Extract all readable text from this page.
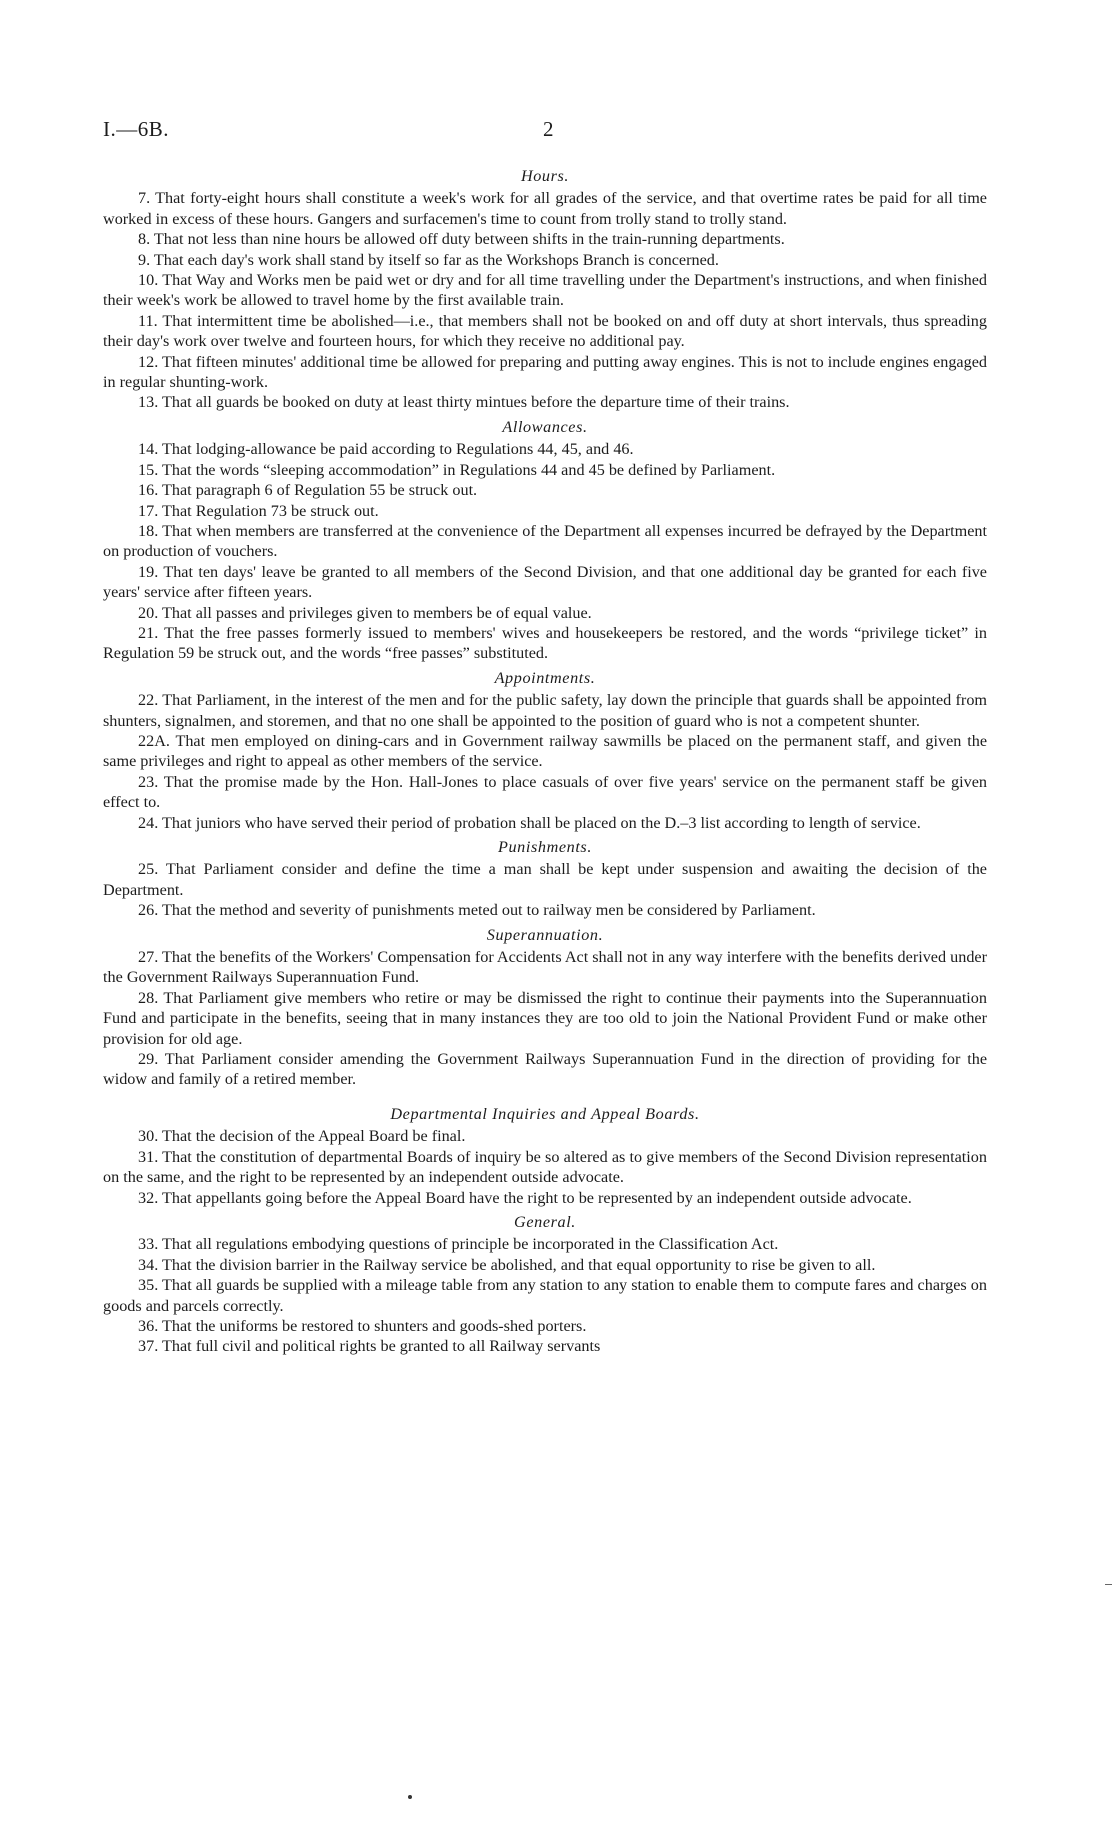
I.—6B.	2
Hours.

7. That forty-eight hours shall constitute a week's work for all grades of the service, and that overtime rates be paid for all time worked in excess of these hours. Gangers and surfacemen's time to count from trolly stand to trolly stand.

8. That not less than nine hours be allowed off duty between shifts in the train-running departments.

9. That each day's work shall stand by itself so far as the Workshops Branch is concerned.

10. That Way and Works men be paid wet or dry and for all time travelling under the Department's instructions, and when finished their week's work be allowed to travel home by the first available train.

11. That intermittent time be abolished—i.e., that members shall not be booked on and off duty at short intervals, thus spreading their day's work over twelve and fourteen hours, for which they receive no additional pay.

12. That fifteen minutes' additional time be allowed for preparing and putting away engines. This is not to include engines engaged in regular shunting-work.

13. That all guards be booked on duty at least thirty mintues before the departure time of their trains.

Allowances.

14. That lodging-allowance be paid according to Regulations 44, 45, and 46.

15. That the words “sleeping accommodation” in Regulations 44 and 45 be defined by Parliament.

16. That paragraph 6 of Regulation 55 be struck out.

17. That Regulation 73 be struck out.

18. That when members are transferred at the convenience of the Department all expenses incurred be defrayed by the Department on production of vouchers.

19. That ten days' leave be granted to all members of the Second Division, and that one additional day be granted for each five years' service after fifteen years.

20. That all passes and privileges given to members be of equal value.

21. That the free passes formerly issued to members' wives and housekeepers be restored, and the words “privilege ticket” in Regulation 59 be struck out, and the words “free passes” substituted.

Appointments.

22. That Parliament, in the interest of the men and for the public safety, lay down the principle that guards shall be appointed from shunters, signalmen, and storemen, and that no one shall be appointed to the position of guard who is not a competent shunter.

22A. That men employed on dining-cars and in Government railway sawmills be placed on the permanent staff, and given the same privileges and right to appeal as other members of the service.

23. That the promise made by the Hon. Hall-Jones to place casuals of over five years' service on the permanent staff be given effect to.

24. That juniors who have served their period of probation shall be placed on the D.–3 list according to length of service.

Punishments.

25. That Parliament consider and define the time a man shall be kept under suspension and awaiting the decision of the Department.

26. That the method and severity of punishments meted out to railway men be considered by Parliament.

Superannuation.

27. That the benefits of the Workers' Compensation for Accidents Act shall not in any way interfere with the benefits derived under the Government Railways Superannuation Fund.

28. That Parliament give members who retire or may be dismissed the right to continue their payments into the Superannuation Fund and participate in the benefits, seeing that in many instances they are too old to join the National Provident Fund or make other provision for old age.

29. That Parliament consider amending the Government Railways Superannuation Fund in the direction of providing for the widow and family of a retired member.

Departmental Inquiries and Appeal Boards.

30. That the decision of the Appeal Board be final.

31. That the constitution of departmental Boards of inquiry be so altered as to give members of the Second Division representation on the same, and the right to be represented by an independent outside advocate.

32. That appellants going before the Appeal Board have the right to be represented by an independent outside advocate.

General.

33. That all regulations embodying questions of principle be incorporated in the Classification Act.

34. That the division barrier in the Railway service be abolished, and that equal opportunity to rise be given to all.

35. That all guards be supplied with a mileage table from any station to any station to enable them to compute fares and charges on goods and parcels correctly.

36. That the uniforms be restored to shunters and goods-shed porters.

37. That full civil and political rights be granted to all Railway servants
